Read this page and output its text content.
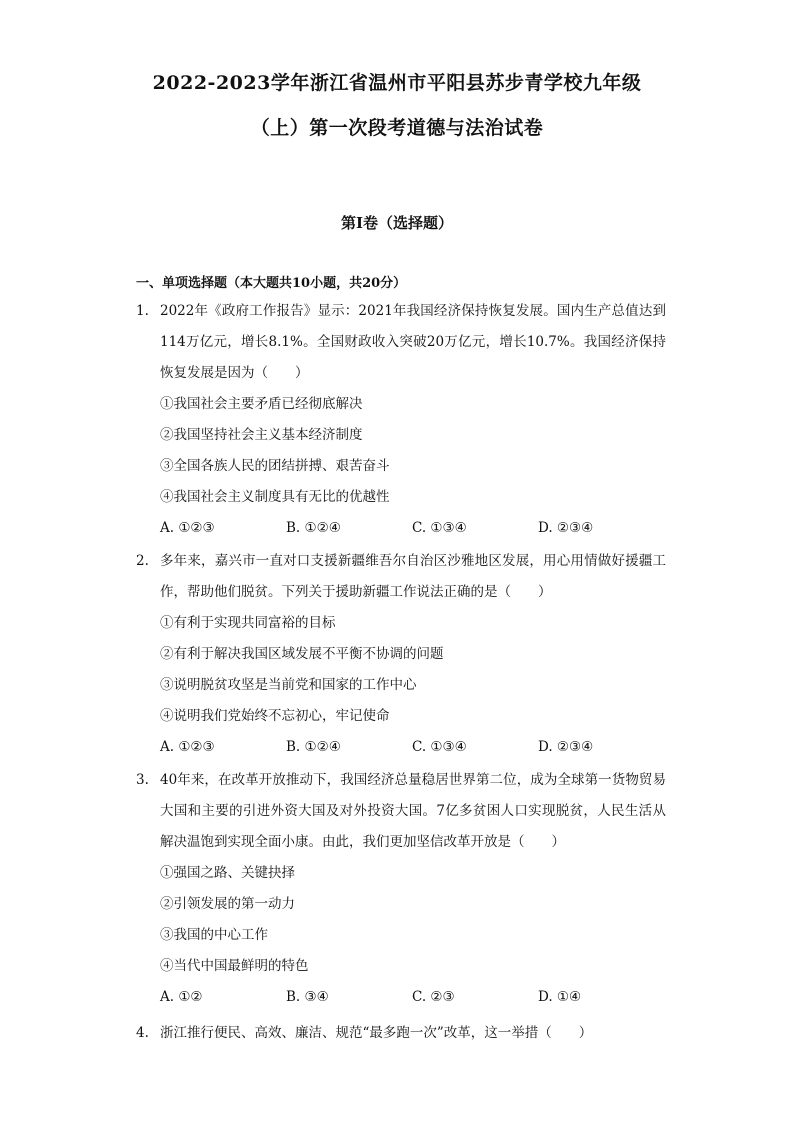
2022-2023学年浙江省温州市平阳县苏步青学校九年级
（上）第一次段考道德与法治试卷
第Ⅰ卷（选择题）
一、单项选择题（本大题共10小题，共20分）
1. 2022年《政府工作报告》显示：2021年我国经济保持恢复发展。国内生产总值达到114万亿元，增长8.1%。全国财政收入突破20万亿元，增长10.7%。我国经济保持恢复发展是因为（　　）
①我国社会主要矛盾已经彻底解决
②我国坚持社会主义基本经济制度
③全国各族人民的团结拼搏、艰苦奋斗
④我国社会主义制度具有无比的优越性
A. ①②③	B. ①②④	C. ①③④	D. ②③④
2. 多年来，嘉兴市一直对口支援新疆维吾尔自治区沙雅地区发展，用心用情做好援疆工作，帮助他们脱贫。下列关于援助新疆工作说法正确的是（　　）
①有利于实现共同富裕的目标
②有利于解决我国区域发展不平衡不协调的问题
③说明脱贫攻坚是当前党和国家的工作中心
④说明我们党始终不忘初心，牢记使命
A. ①②③	B. ①②④	C. ①③④	D. ②③④
3. 40年来，在改革开放推动下，我国经济总量稳居世界第二位，成为全球第一货物贸易大国和主要的引进外资大国及对外投资大国。7亿多贫困人口实现脱贫，人民生活从解决温饱到实现全面小康。由此，我们更加坚信改革开放是（　　）
①强国之路、关键抉择
②引领发展的第一动力
③我国的中心工作
④当代中国最鲜明的特色
A. ①②	B. ③④	C. ②③	D. ①④
4. 浙江推行便民、高效、廉洁、规范“最多跑一次”改革，这一举措（　　）
